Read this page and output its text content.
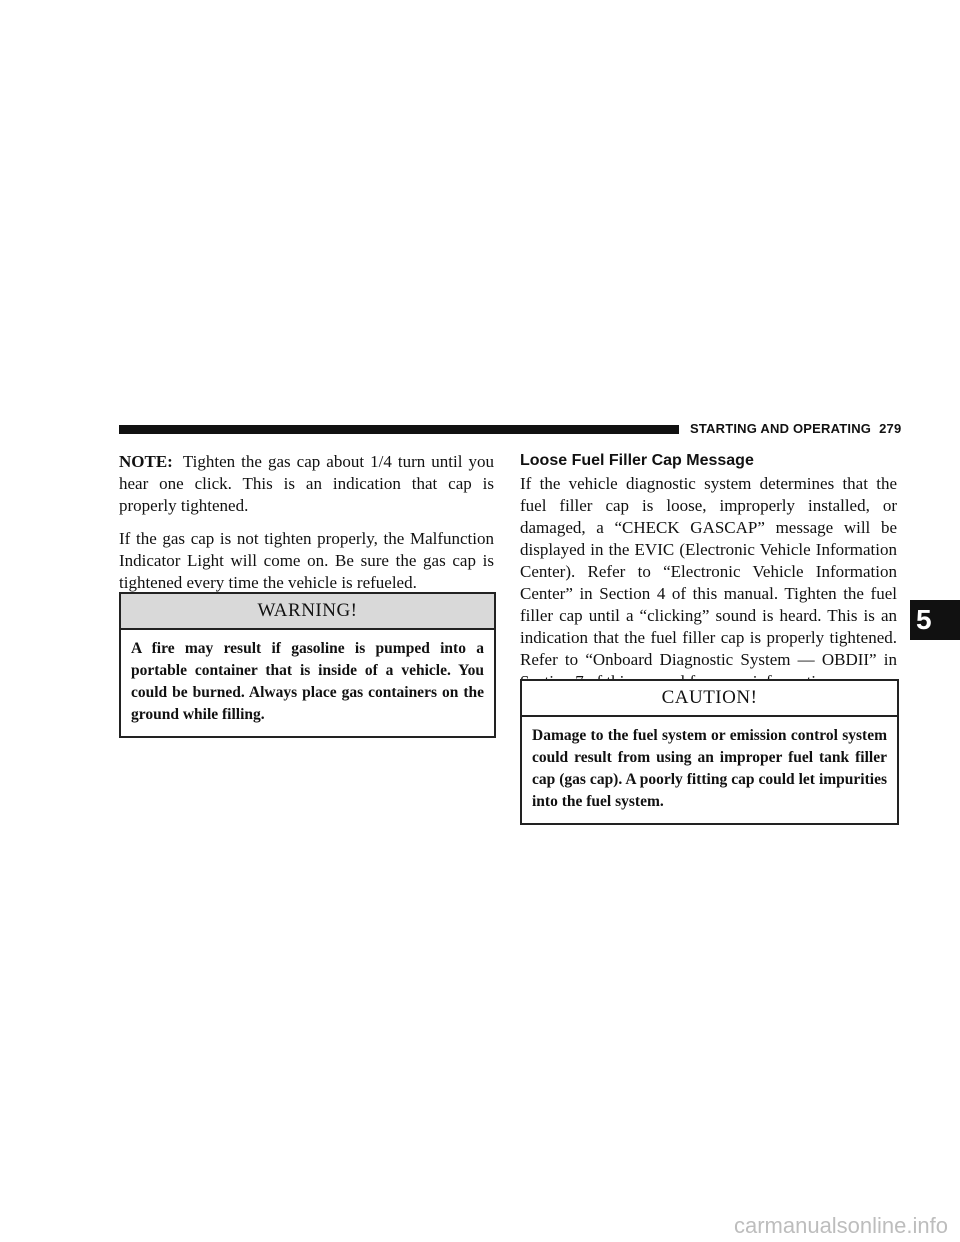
STARTING AND OPERATING 279

NOTE: Tighten the gas cap about 1/4 turn until you hear one click. This is an indication that cap is properly tightened.

If the gas cap is not tighten properly, the Malfunction Indicator Light will come on. Be sure the gas cap is tightened every time the vehicle is refueled.

WARNING!
A fire may result if gasoline is pumped into a portable container that is inside of a vehicle. You could be burned. Always place gas containers on the ground while filling.
Loose Fuel Filler Cap Message

If the vehicle diagnostic system determines that the fuel filler cap is loose, improperly installed, or damaged, a “CHECK GASCAP” message will be displayed in the EVIC (Electronic Vehicle Information Center). Refer to “Electronic Vehicle Information Center” in Section 4 of this manual. Tighten the fuel filler cap until a “clicking” sound is heard. This is an indication that the fuel filler cap is properly tightened. Refer to “Onboard Diagnostic System — OBDII” in

CAUTION!
Damage to the fuel system or emission control system could result from using an improper fuel tank filler cap (gas cap). A poorly fitting cap could let impurities into the fuel system.
5
carmanualsonline.info
